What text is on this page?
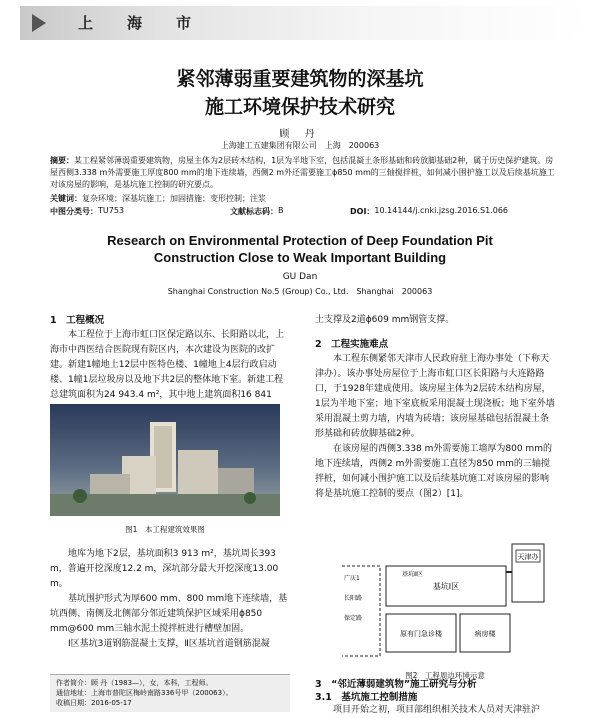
上海市
紧邻薄弱重要建筑物的深基坑
施工环境保护技术研究
顾 丹
上海建工五建集团有限公司　上海　200063
摘要：某工程紧邻薄弱重要建筑物，房屋主体为2层砖木结构，1层为半地下室，包括混凝土条形基础和砖放脚基础2种，属于历史保护建筑。房屋西侧3.338 m外需要施工厚度800 mm的地下连续墙，西侧2 m外还需要施工ϕ850 mm的三轴搅拌桩，如何减小围护施工以及后续基坑施工对该房屋的影响，是基坑施工控制的研究要点。
关键词：复杂环境；深基坑施工；加固措施；变形控制；注浆
中图分类号： TU753	文献标志码： B	DOI： 10.14144/j.cnki.jzsg.2016.S1.066
Research on Environmental Protection of Deep Foundation Pit
Construction Close to Weak Important Building
GU Dan
Shanghai Construction No.5 (Group) Co., Ltd.　Shanghai　200063
1　工程概况
本工程位于上海市虹口区保定路以东、长阳路以北，上海市中西医结合医院现有院区内，本次建设为医院的改扩建。新建1幢地上12层中医特色楼、1幢地上4层行政启动楼、1幢1层垃圾房以及地下共2层的整体地下室。新建工程总建筑面积为24 943.4 m²，其中地上建筑面积16 841
图1　本工程建筑效果图
地库为地下2层，基坑面积3 913 m²，基坑周长393 m，普遍开挖深度12.2 m，深坑部分最大开挖深度13.00 m。
基坑围护形式为厚600 mm、800 mm地下连续墙，基坑西侧、南侧及北侧部分邻近建筑保护区域采用ϕ850 mm@600 mm三轴水泥土搅拌桩进行槽壁加固。
Ⅰ区基坑3道钢筋混凝土支撑，Ⅱ区基坑首道钢筋混凝
作者简介：顾 丹（1983—），女，本科，工程师。
通信地址：上海市普陀区梅岭南路336号甲（200063）。
收稿日期：2016-05-17
土支撑及2道ϕ609 mm钢管支撑。
2　工程实施难点
本工程东侧紧邻天津市人民政府驻上海办事处（下称天津办）。该办事处房屋位于上海市虹口区长阳路与大连路路口，于1928年建成使用。该房屋主体为2层砖木结构房屋，1层为半地下室；地下室底板采用混凝土现浇板；地下室外墙采用混凝土剪力墙，内墙为砖墙；该房屋基础包括混凝土条形基础和砖放脚基础2种。
在该房屋的西侧3.338 m外需要施工墙厚为800 mm的地下连续墙，西侧2 m外需要施工直径为850 mm的三轴搅拌桩，如何减小围护施工以及后续基坑施工对该房屋的影响将是基坑施工控制的要点（图2）[1]。
天津办
基坑Ⅰ区
基坑Ⅱ区
病房楼
原有门急诊楼
广庆1
长阳路
保定路
图2　工程周边环境示意
3　“邻近薄弱建筑物”施工研究与分析
3.1　基坑施工控制措施
项目开始之初，项目部组织相关技术人员对天津驻沪
